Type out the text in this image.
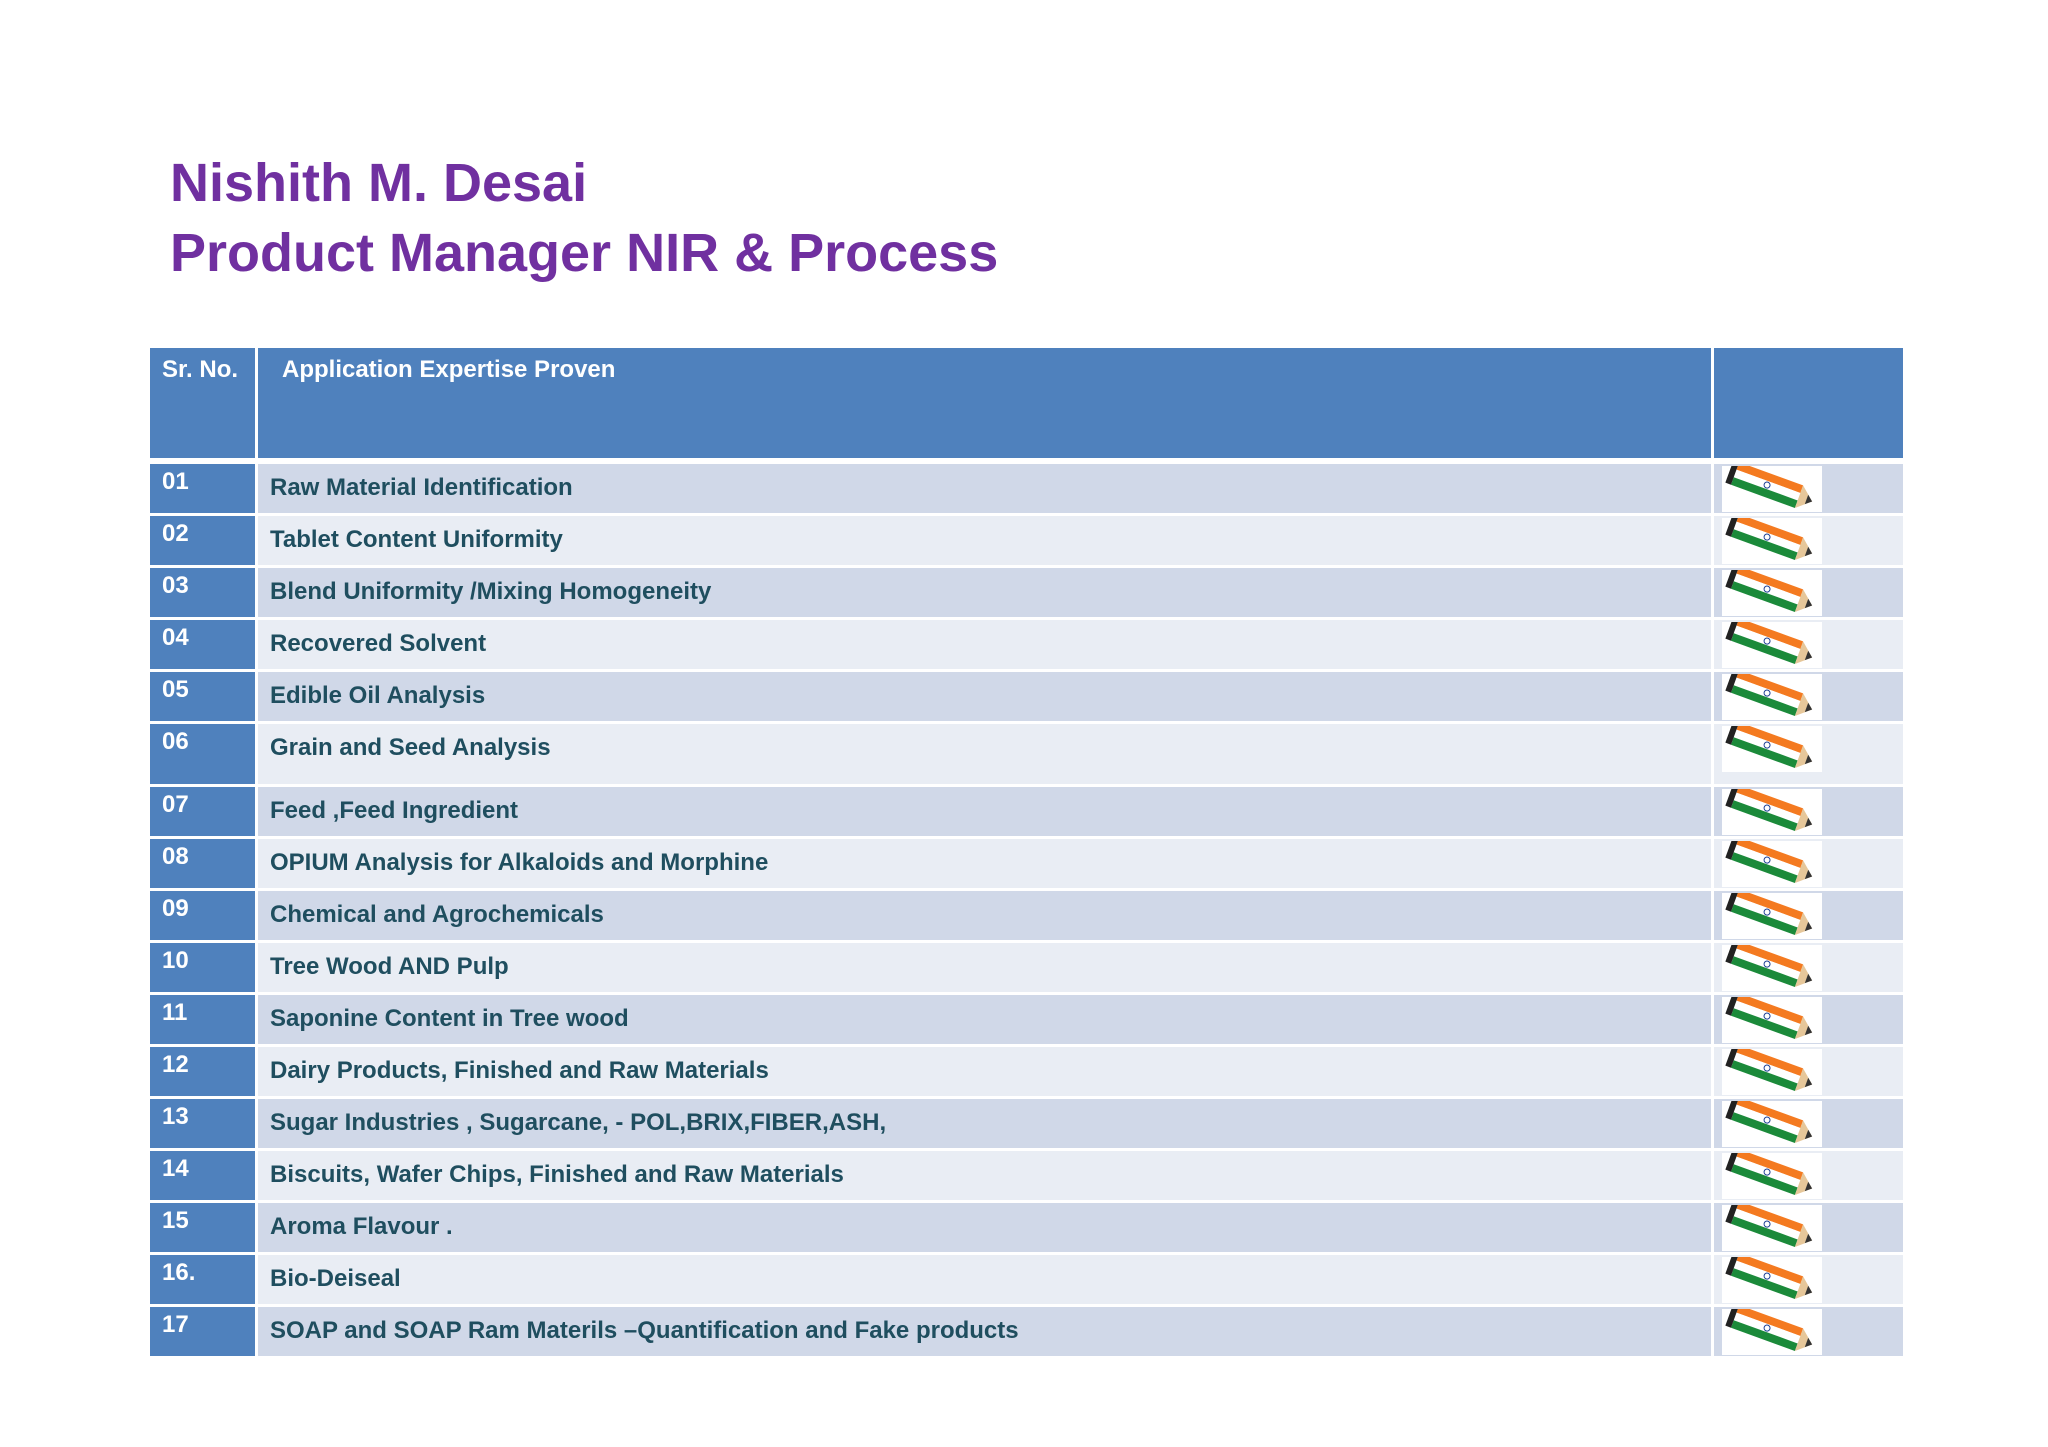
Nishith M. Desai
Product Manager NIR & Process
Sr. No.	Application Expertise Proven
01	Raw Material Identification
02	Tablet Content Uniformity
03	Blend Uniformity /Mixing Homogeneity
04	Recovered Solvent
05	Edible Oil Analysis
06	Grain and Seed Analysis
07	Feed ,Feed Ingredient
08	OPIUM Analysis for Alkaloids and Morphine
09	Chemical and Agrochemicals
10	Tree Wood AND Pulp
11	Saponine Content in Tree wood
12	Dairy Products, Finished and Raw Materials
13	Sugar Industries , Sugarcane, - POL,BRIX,FIBER,ASH,
14	Biscuits, Wafer Chips, Finished and Raw Materials
15	Aroma Flavour .
16.	Bio-Deiseal
17	SOAP and SOAP Ram Materils –Quantification and Fake products
